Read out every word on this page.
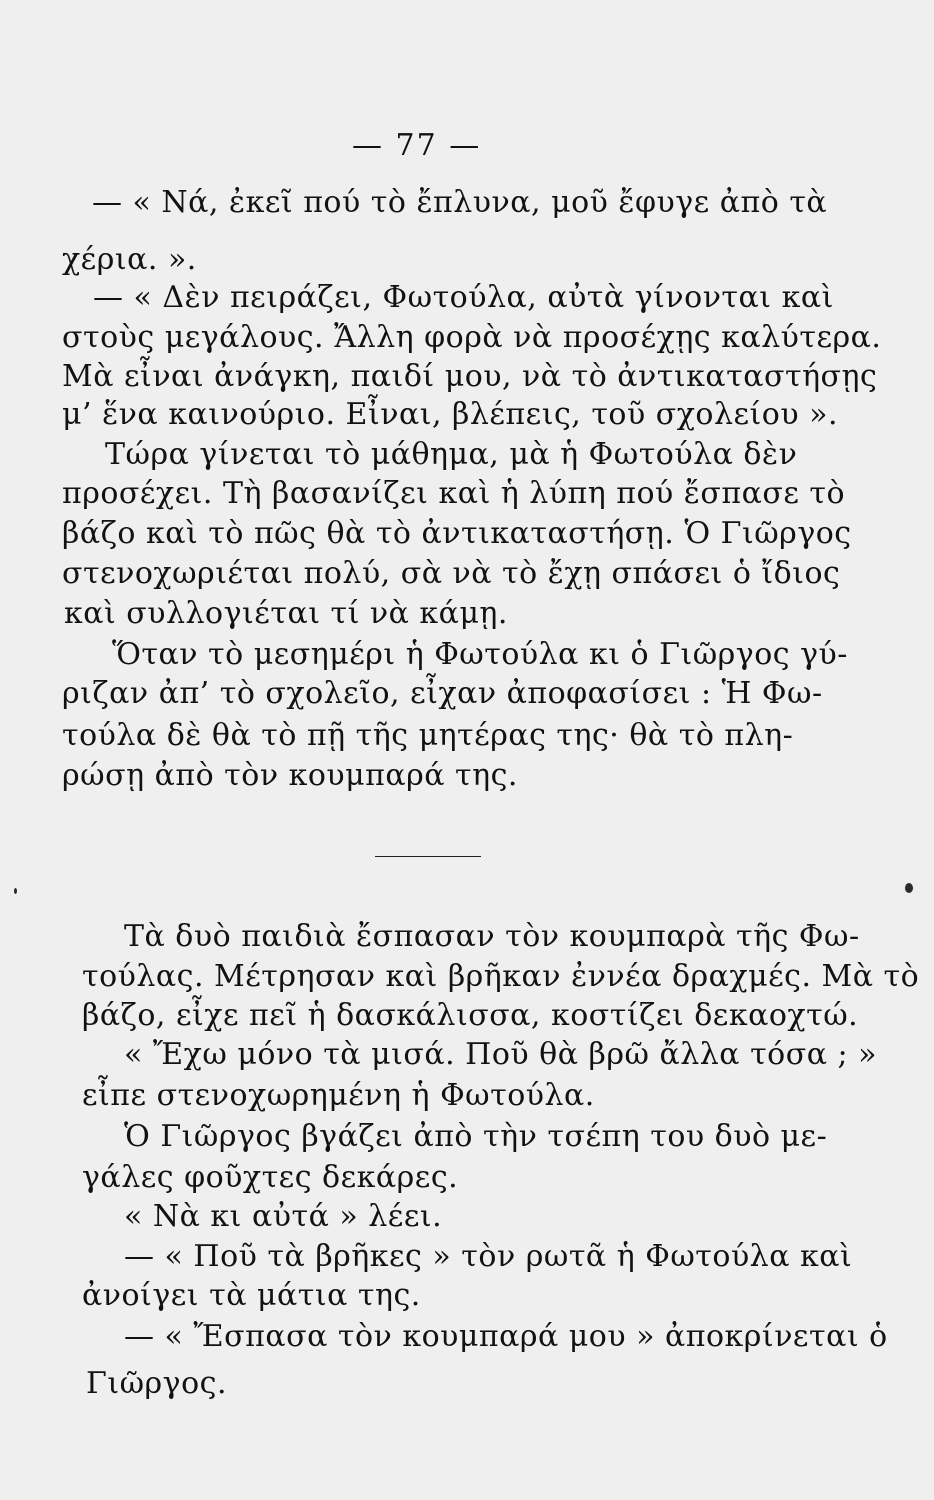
— 77 —
— « Νά, ἐκεῖ πού τὸ ἔπλυνα, μοῦ ἔφυγε ἀπὸ τὰ
χέρια. ».
— « Δὲν πειράζει, Φωτούλα, αὐτὰ γίνονται καὶ
στοὺς μεγάλους. Ἄλλη φορὰ νὰ προσέχῃς καλύτερα.
Μὰ εἶναι ἀνάγκη, παιδί μου, νὰ τὸ ἀντικαταστήσῃς
μ’ ἕνα καινούριο. Εἶναι, βλέπεις, τοῦ σχολείου ».
Τώρα γίνεται τὸ μάθημα, μὰ ἡ Φωτούλα δὲν
προσέχει. Τὴ βασανίζει καὶ ἡ λύπη πού ἔσπασε τὸ
βάζο καὶ τὸ πῶς θὰ τὸ ἀντικαταστήσῃ. Ὁ Γιῶργος
στενοχωριέται πολύ, σὰ νὰ τὸ ἔχῃ σπάσει ὁ ἴδιος
καὶ συλλογιέται τί νὰ κάμῃ.
Ὅταν τὸ μεσημέρι ἡ Φωτούλα κι ὁ Γιῶργος γύ-
ριζαν ἀπ’ τὸ σχολεῖο, εἶχαν ἀποφασίσει : Ἡ Φω-
τούλα δὲ θὰ τὸ πῇ τῆς μητέρας της· θὰ τὸ πλη-
ρώσῃ ἀπὸ τὸν κουμπαρά της.
Τὰ δυὸ παιδιὰ ἔσπασαν τὸν κουμπαρὰ τῆς Φω-
τούλας. Μέτρησαν καὶ βρῆκαν ἐννέα δραχμές. Μὰ τὸ
βάζο, εἶχε πεῖ ἡ δασκάλισσα, κοστίζει δεκαοχτώ.
« Ἔχω μόνο τὰ μισά. Ποῦ θὰ βρῶ ἄλλα τόσα ; »
εἶπε στενοχωρημένη ἡ Φωτούλα.
Ὁ Γιῶργος βγάζει ἀπὸ τὴν τσέπη του δυὸ με-
γάλες φοῦχτες δεκάρες.
« Νὰ κι αὐτά » λέει.
— « Ποῦ τὰ βρῆκες » τὸν ρωτᾶ ἡ Φωτούλα καὶ
ἀνοίγει τὰ μάτια της.
— « Ἔσπασα τὸν κουμπαρά μου » ἀποκρίνεται ὁ
Γιῶργος.
